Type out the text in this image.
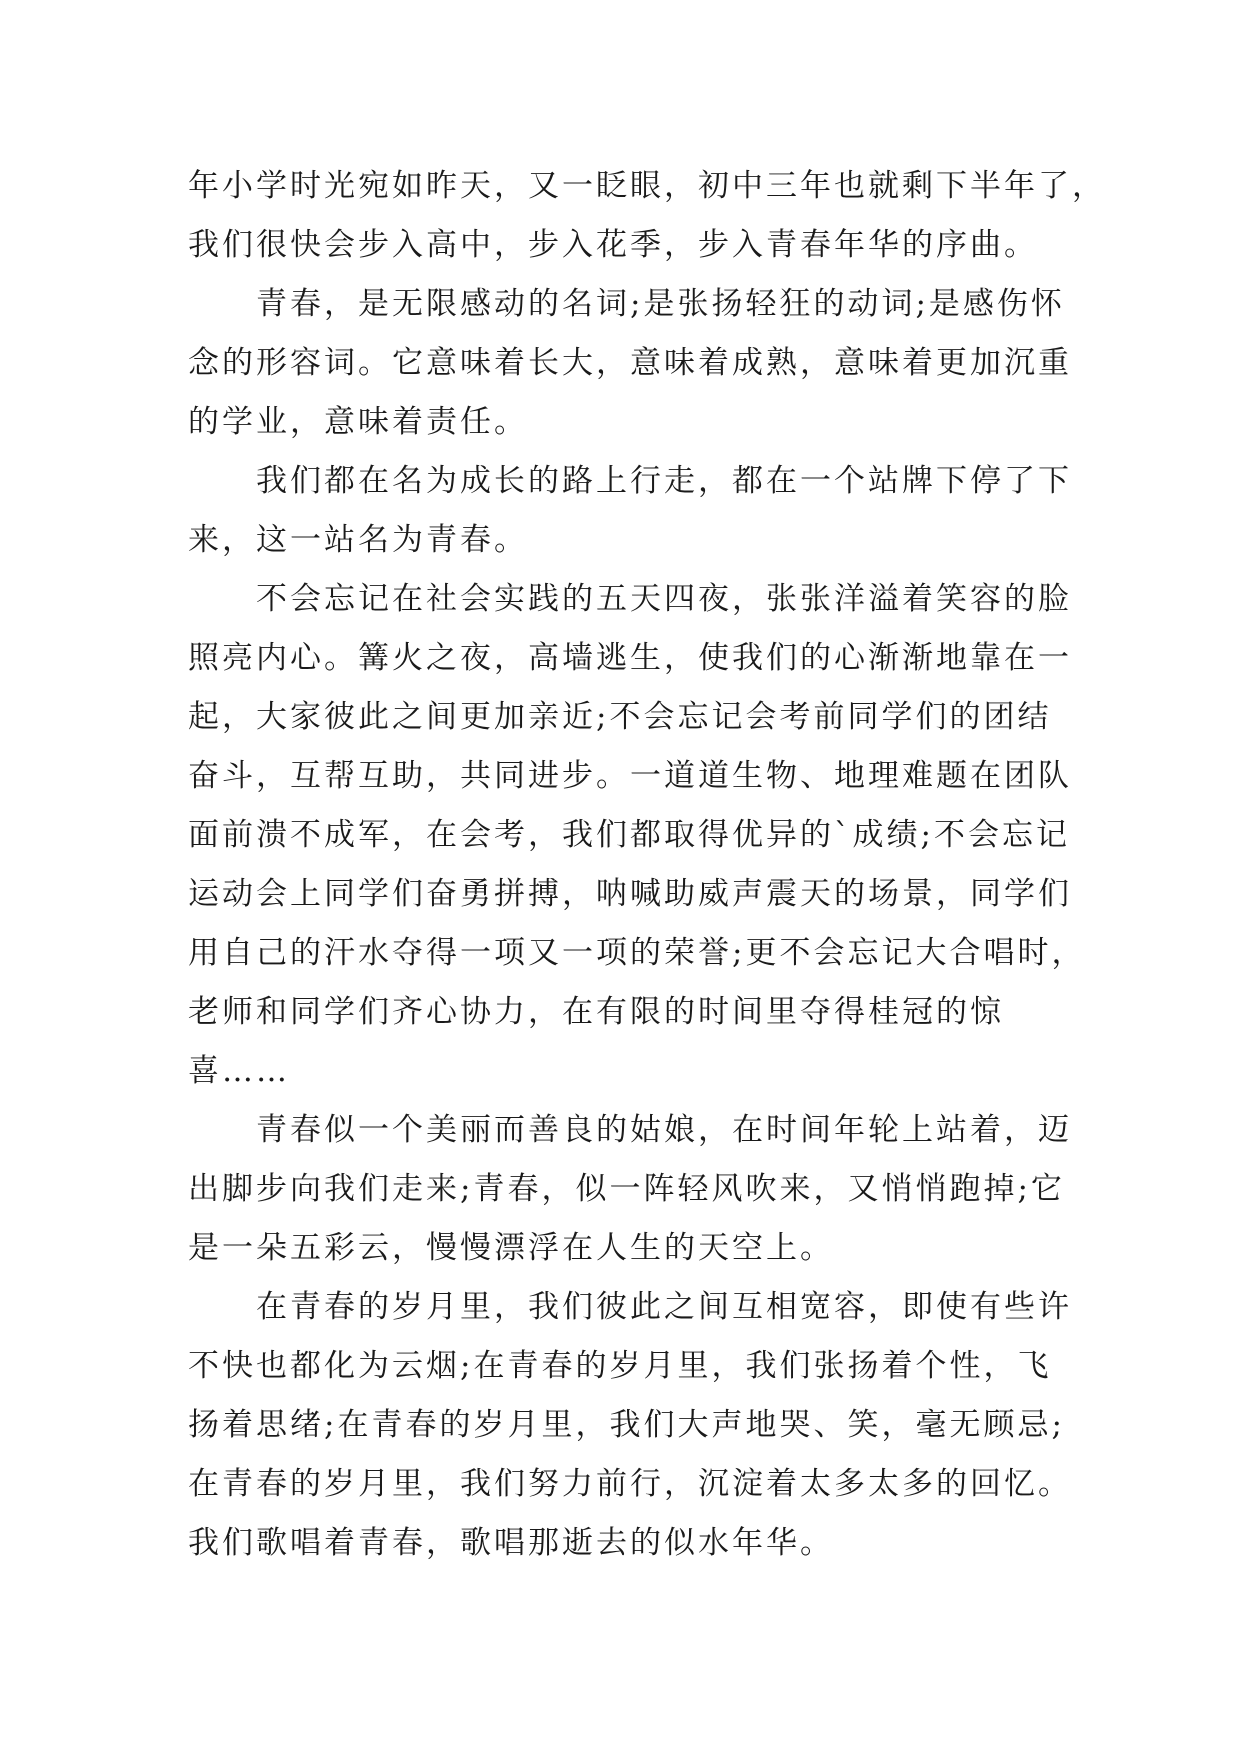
年小学时光宛如昨天，又一眨眼，初中三年也就剩下半年了，
我们很快会步入高中，步入花季，步入青春年华的序曲。
　　青春，是无限感动的名词;是张扬轻狂的动词;是感伤怀
念的形容词。它意味着长大，意味着成熟，意味着更加沉重
的学业，意味着责任。
　　我们都在名为成长的路上行走，都在一个站牌下停了下
来，这一站名为青春。
　　不会忘记在社会实践的五天四夜，张张洋溢着笑容的脸
照亮内心。篝火之夜，高墙逃生，使我们的心渐渐地靠在一
起，大家彼此之间更加亲近;不会忘记会考前同学们的团结
奋斗，互帮互助，共同进步。一道道生物、地理难题在团队
面前溃不成军，在会考，我们都取得优异的`成绩;不会忘记
运动会上同学们奋勇拼搏，呐喊助威声震天的场景，同学们
用自己的汗水夺得一项又一项的荣誉;更不会忘记大合唱时，
老师和同学们齐心协力，在有限的时间里夺得桂冠的惊
喜……
　　青春似一个美丽而善良的姑娘，在时间年轮上站着，迈
出脚步向我们走来;青春，似一阵轻风吹来，又悄悄跑掉;它
是一朵五彩云，慢慢漂浮在人生的天空上。
　　在青春的岁月里，我们彼此之间互相宽容，即使有些许
不快也都化为云烟;在青春的岁月里，我们张扬着个性，飞
扬着思绪;在青春的岁月里，我们大声地哭、笑，毫无顾忌;
在青春的岁月里，我们努力前行，沉淀着太多太多的回忆。
我们歌唱着青春，歌唱那逝去的似水年华。
